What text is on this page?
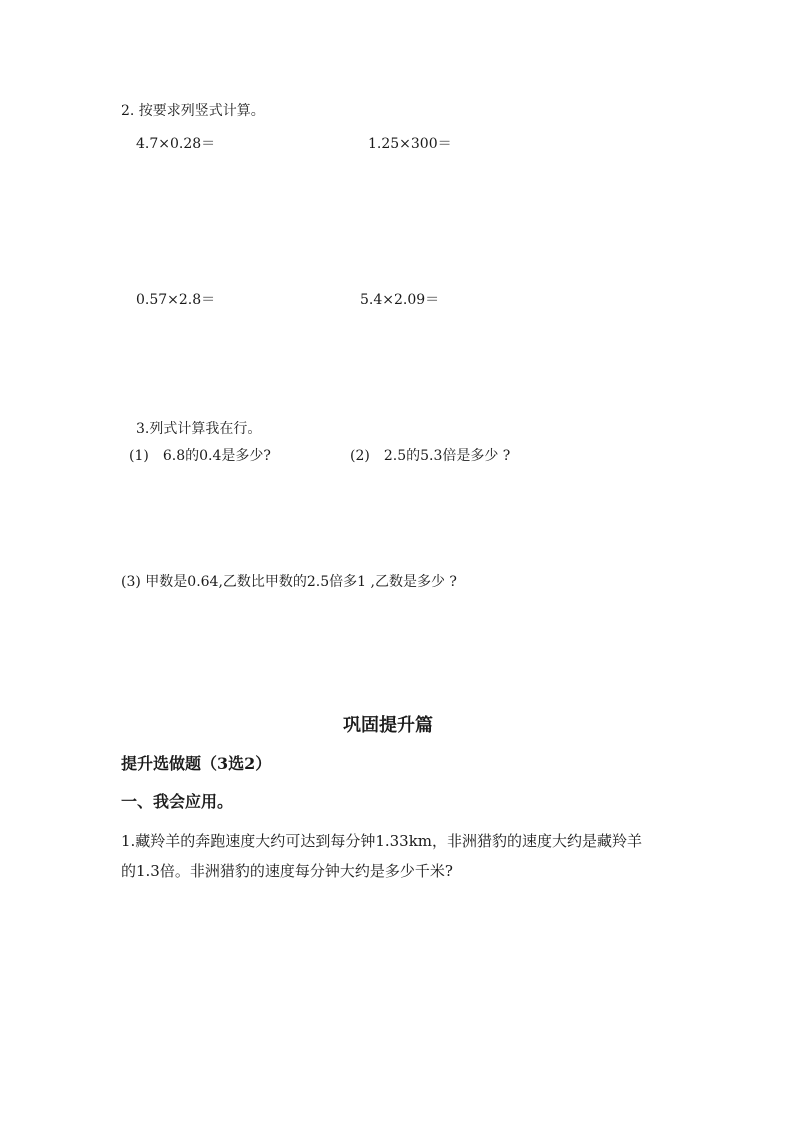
2. 按要求列竖式计算。
4.7×0.28＝	1.25×300＝
0.57×2.8＝	5.4×2.09＝
3.列式计算我在行。
(1)　6.8的0.4是多少?	(2)　2.5的5.3倍是多少 ?
(3) 甲数是0.64,乙数比甲数的2.5倍多1 ,乙数是多少 ?
巩固提升篇
提升选做题（3选2）
一、我会应用。
1.藏羚羊的奔跑速度大约可达到每分钟1.33km，非洲猎豹的速度大约是藏羚羊
的1.3倍。非洲猎豹的速度每分钟大约是多少千米?
